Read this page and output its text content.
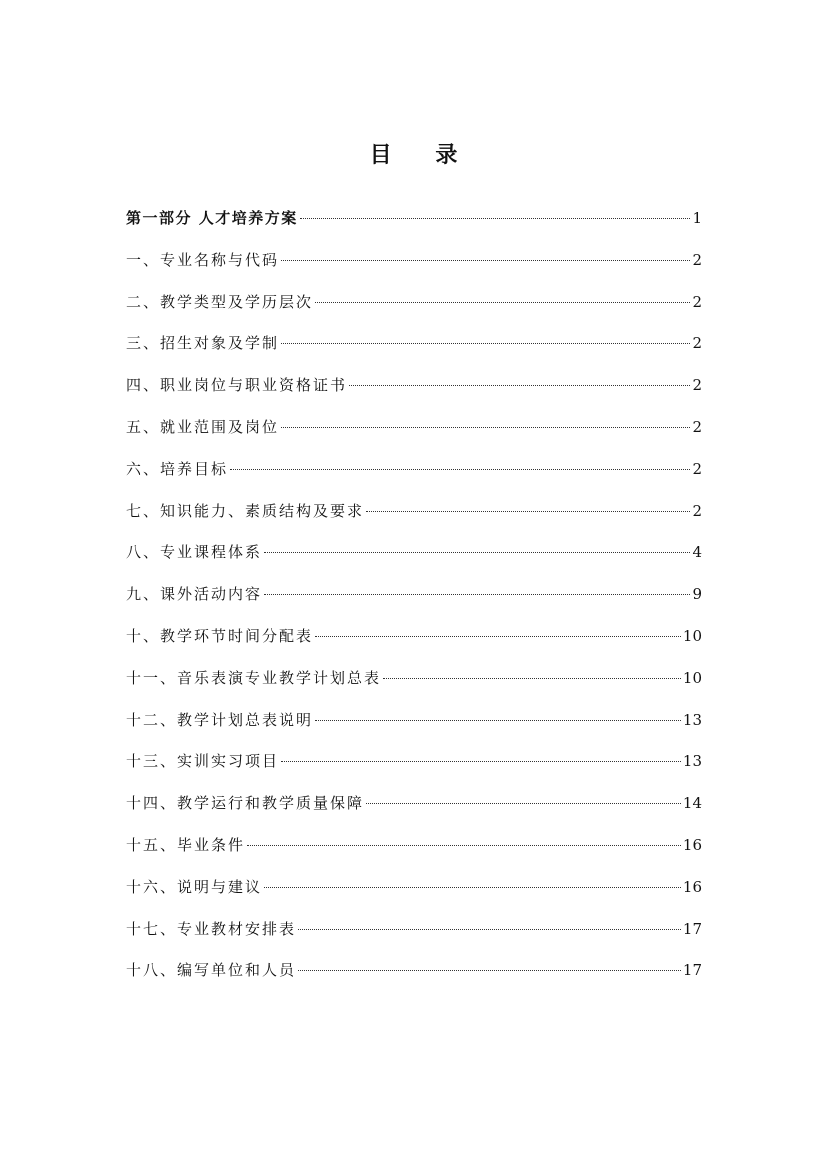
目 录
第一部分 人才培养方案	1
一、专业名称与代码	2
二、教学类型及学历层次	2
三、招生对象及学制	2
四、职业岗位与职业资格证书	2
五、就业范围及岗位	2
六、培养目标	2
七、知识能力、素质结构及要求	2
八、专业课程体系	4
九、课外活动内容	9
十、教学环节时间分配表	10
十一、音乐表演专业教学计划总表	10
十二、教学计划总表说明	13
十三、实训实习项目	13
十四、教学运行和教学质量保障	14
十五、毕业条件	16
十六、说明与建议	16
十七、专业教材安排表	17
十八、编写单位和人员	17
